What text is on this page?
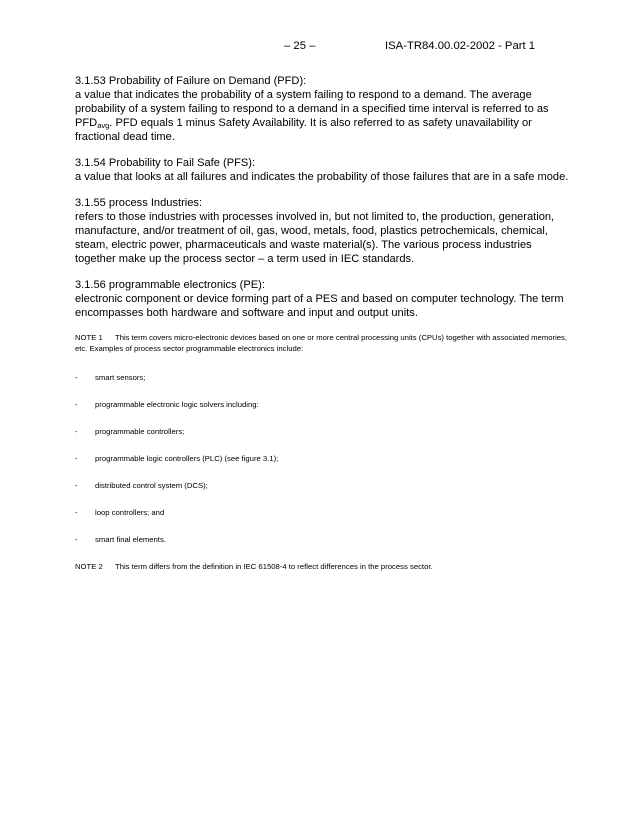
– 25 –	ISA-TR84.00.02-2002 - Part 1

3.1.53 Probability of Failure on Demand (PFD):

a value that indicates the probability of a system failing to respond to a demand. The average probability of a system failing to respond to a demand in a specified time interval is referred to as $PFD_{avg}$. PFD equals 1 minus Safety Availability. It is also referred to as safety unavailability or fractional dead time.

3.1.54 Probability to Fail Safe (PFS):

a value that looks at all failures and indicates the probability of those failures that are in a safe mode.

3.1.55 process Industries:

refers to those industries with processes involved in, but not limited to, the production, generation, manufacture, and/or treatment of oil, gas, wood, metals, food, plastics petrochemicals, chemical, steam, electric power, pharmaceuticals and waste material(s). The various process industries together make up the process sector – a term used in IEC standards.

3.1.56 programmable electronics (PE):

electronic component or device forming part of a PES and based on computer technology. The term encompasses both hardware and software and input and output units.

NOTE 1 This term covers micro-electronic devices based on one or more central processing units (CPUs) together with associated memories, etc. Examples of process sector programmable electronics include:

- smart sensors;
- programmable electronic logic solvers including:
- programmable controllers;
- programmable logic controllers (PLC) (see figure 3.1);
- distributed control system (DCS);
- loop controllers; and
- smart final elements.

NOTE 2 This term differs from the definition in IEC 61508-4 to reflect differences in the process sector.
